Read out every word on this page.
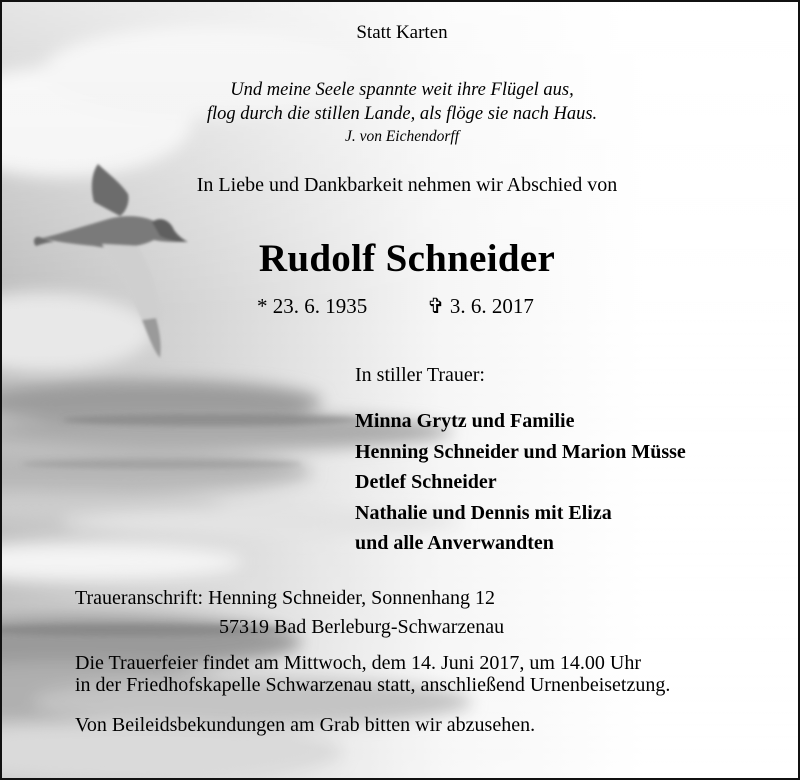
Statt Karten
Und meine Seele spannte weit ihre Flügel aus,
flog durch die stillen Lande, als flöge sie nach Haus.
J. von Eichendorff
In Liebe und Dankbarkeit nehmen wir Abschied von
Rudolf Schneider
* 23. 6. 1935	✞ 3. 6. 2017
In stiller Trauer:
Minna Grytz und Familie
Henning Schneider und Marion Müsse
Detlef Schneider
Nathalie und Dennis mit Eliza
und alle Anverwandten
Traueranschrift: Henning Schneider, Sonnenhang 12
57319 Bad Berleburg-Schwarzenau
Die Trauerfeier findet am Mittwoch, dem 14. Juni 2017, um 14.00 Uhr
in der Friedhofskapelle Schwarzenau statt, anschließend Urnenbeisetzung.
Von Beileidsbekundungen am Grab bitten wir abzusehen.
